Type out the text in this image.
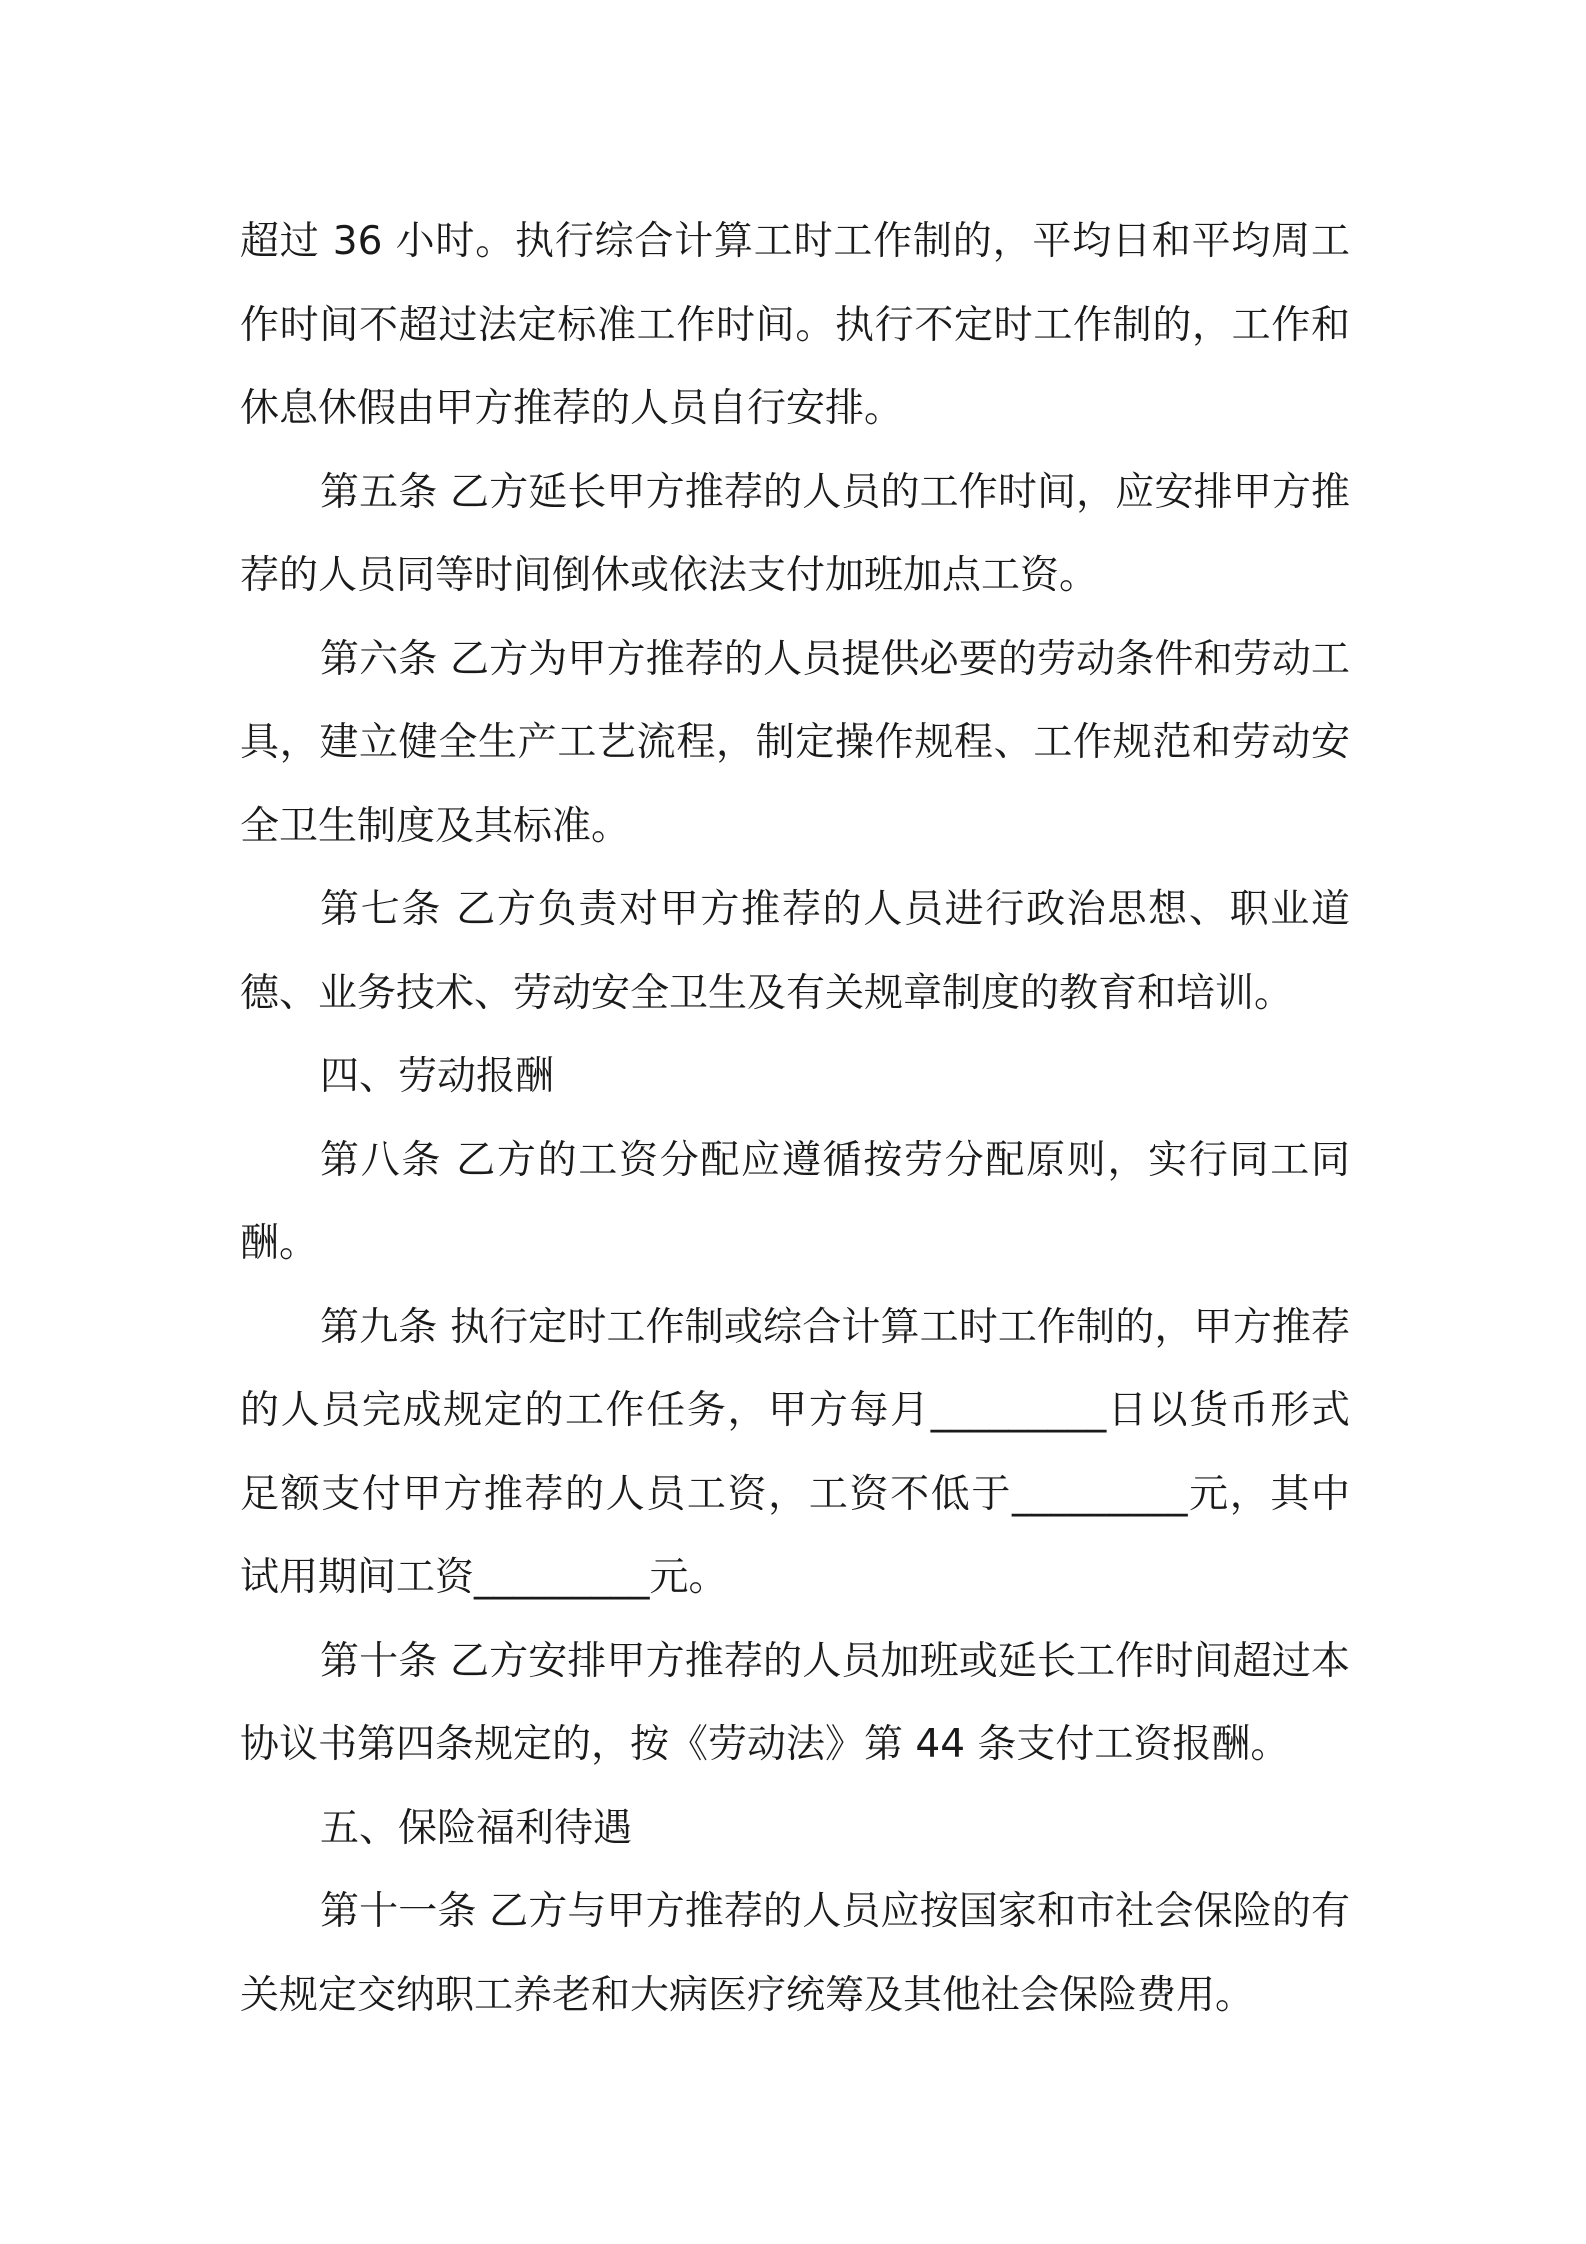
超过 36 小时。执行综合计算工时工作制的，平均日和平均周工作时间不超过法定标准工作时间。执行不定时工作制的，工作和休息休假由甲方推荐的人员自行安排。

第五条 乙方延长甲方推荐的人员的工作时间，应安排甲方推荐的人员同等时间倒休或依法支付加班加点工资。

第六条 乙方为甲方推荐的人员提供必要的劳动条件和劳动工具，建立健全生产工艺流程，制定操作规程、工作规范和劳动安全卫生制度及其标准。

第七条 乙方负责对甲方推荐的人员进行政治思想、职业道德、业务技术、劳动安全卫生及有关规章制度的教育和培训。

四、劳动报酬

第八条 乙方的工资分配应遵循按劳分配原则，实行同工同酬。

第九条 执行定时工作制或综合计算工时工作制的，甲方推荐的人员完成规定的工作任务，甲方每月_________日以货币形式足额支付甲方推荐的人员工资，工资不低于_________元，其中试用期间工资_________元。

第十条 乙方安排甲方推荐的人员加班或延长工作时间超过本协议书第四条规定的，按《劳动法》第 44 条支付工资报酬。

五、保险福利待遇

第十一条 乙方与甲方推荐的人员应按国家和市社会保险的有关规定交纳职工养老和大病医疗统筹及其他社会保险费用。
